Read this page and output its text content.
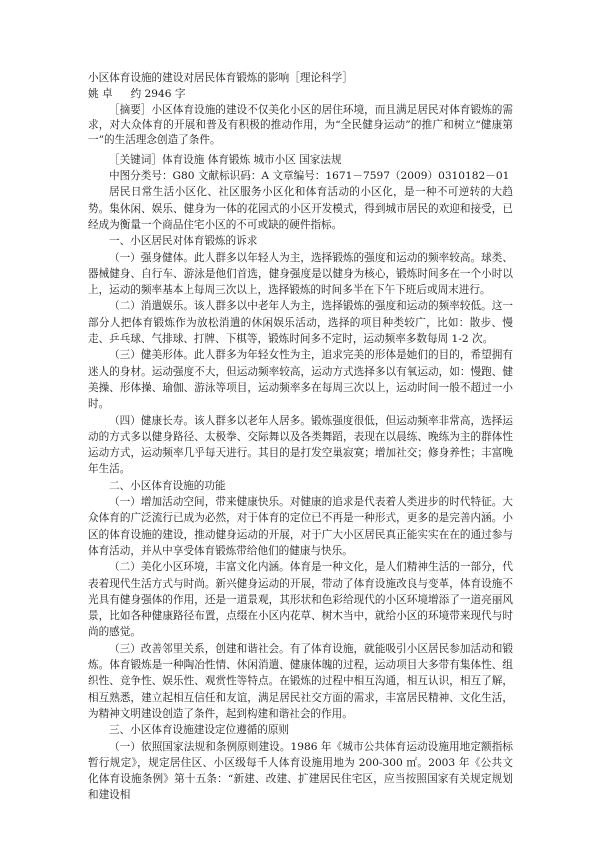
小区体育设施的建设对居民体育锻炼的影响［理论科学］
姚 卓 约 2946 字
［摘要］小区体育设施的建设不仅美化小区的居住环境，而且满足居民对体育锻炼的需求，对大众体育的开展和普及有积极的推动作用，为“全民健身运动”的推广和树立“健康第一”的生活理念创造了条件。
［关键词］体育设施 体育锻炼 城市小区 国家法规
中图分类号：G80 文献标识码：A 文章编号：1671－7597（2009）0310182－01
居民日常生活小区化、社区服务小区化和体育活动的小区化，是一种不可逆转的大趋势。集休闲、娱乐、健身为一体的花园式的小区开发模式，得到城市居民的欢迎和接受，已经成为衡量一个商品住宅小区的不可或缺的硬件指标。
一、小区居民对体育锻炼的诉求
（一）强身健体。此人群多以年轻人为主，选择锻炼的强度和运动的频率较高。球类、器械健身、自行车、游泳是他们首选，健身强度是以健身为核心，锻炼时间多在一个小时以上，运动的频率基本上每周三次以上，选择锻炼的时间多半在下午下班后或周末进行。
（二）消遣娱乐。该人群多以中老年人为主，选择锻炼的强度和运动的频率较低。这一部分人把体育锻炼作为放松消遣的休闲娱乐活动，选择的项目种类较广，比如：散步、慢走、乒乓球、气排球、打牌、下棋等，锻炼时间多不定时，运动频率多数每周 1-2 次。
（三）健美形体。此人群多为年轻女性为主，追求完美的形体是她们的目的，希望拥有迷人的身材。运动强度不大，但运动频率较高，运动方式选择多以有氧运动，如：慢跑、健美操、形体操、瑜伽、游泳等项目，运动频率多在每周三次以上，运动时间一般不超过一小时。
（四）健康长寿。该人群多以老年人居多。锻炼强度很低，但运动频率非常高，选择运动的方式多以健身路径、太极拳、交际舞以及各类舞蹈，表现在以晨练、晚练为主的群体性运动方式，运动频率几乎每天进行。其目的是打发空巢寂寞；增加社交；修身养性；丰富晚年生活。
二、小区体育设施的功能
（一）增加活动空间，带来健康快乐。对健康的追求是代表着人类进步的时代特征。大众体育的广泛流行已成为必然，对于体育的定位已不再是一种形式，更多的是完善内涵。小区的体育设施的建设，推动健身运动的开展，对于广大小区居民真正能实实在在的通过参与体育活动，并从中享受体育锻炼带给他们的健康与快乐。
（二）美化小区环境，丰富文化内涵。体育是一种文化，是人们精神生活的一部分，代表着现代生活方式与时尚。新兴健身运动的开展，带动了体育设施改良与变革，体育设施不光具有健身强体的作用，还是一道景观，其形状和色彩给现代的小区环境增添了一道亮丽风景，比如各种健康路径布置，点缀在小区内花草、树木当中，就给小区的环境带来现代与时尚的感觉。
（三）改善邻里关系，创建和谐社会。有了体育设施，就能吸引小区居民参加活动和锻炼。体育锻炼是一种陶冶性情、休闲消遣、健康体魄的过程，运动项目大多带有集体性、组织性、竞争性、娱乐性、观赏性等特点。在锻炼的过程中相互沟通，相互认识，相互了解，相互熟悉，建立起相互信任和友谊，满足居民社交方面的需求，丰富居民精神、文化生活，为精神文明建设创造了条件，起到构建和谐社会的作用。
三、小区体育设施建设定位遵循的原则
（一）依照国家法规和条例原则建设。1986 年《城市公共体育运动设施用地定额指标暂行规定》，规定居住区、小区级每千人体育设施用地为 200-300 ㎡。2003 年《公共文化体育设施条例》第十五条：“新建、改建、扩建居民住宅区，应当按照国家有关规定规划和建设相
